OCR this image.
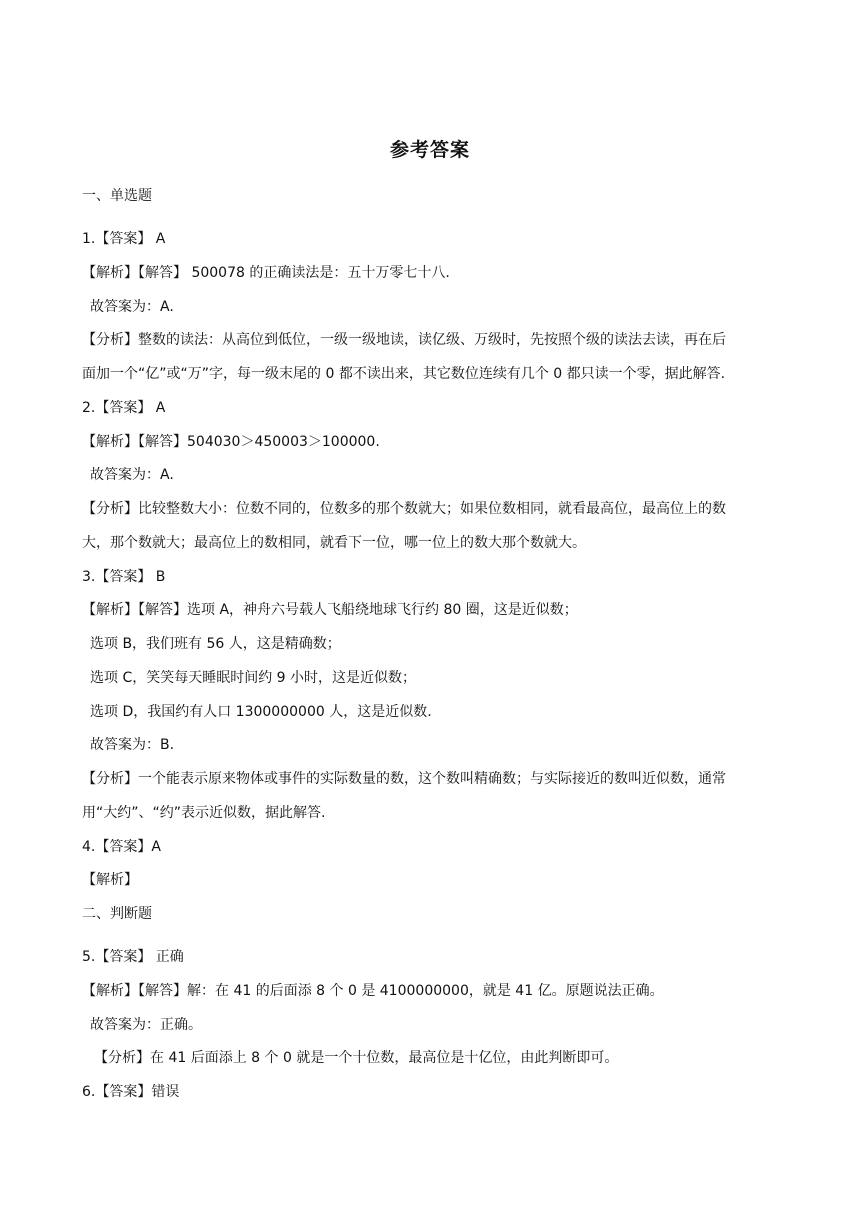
参考答案
一、单选题
1.【答案】 A
【解析】【解答】 500078 的正确读法是：五十万零七十八.
故答案为：A.
【分析】整数的读法：从高位到低位，一级一级地读，读亿级、万级时，先按照个级的读法去读，再在后
面加一个“亿”或“万”字，每一级末尾的 0 都不读出来，其它数位连续有几个 0 都只读一个零，据此解答.
2.【答案】 A
【解析】【解答】504030＞450003＞100000.
故答案为：A.
【分析】比较整数大小：位数不同的，位数多的那个数就大；如果位数相同，就看最高位，最高位上的数
大，那个数就大；最高位上的数相同，就看下一位，哪一位上的数大那个数就大。
3.【答案】 B
【解析】【解答】选项 A，神舟六号载人飞船绕地球飞行约 80 圈，这是近似数；
选项 B，我们班有 56 人，这是精确数；
选项 C，笑笑每天睡眠时间约 9 小时，这是近似数；
选项 D，我国约有人口 1300000000 人，这是近似数.
故答案为：B.
【分析】一个能表示原来物体或事件的实际数量的数，这个数叫精确数；与实际接近的数叫近似数，通常
用“大约”、“约”表示近似数，据此解答.
4.【答案】A
【解析】
二、判断题
5.【答案】 正确
【解析】【解答】解：在 41 的后面添 8 个 0 是 4100000000，就是 41 亿。原题说法正确。
故答案为：正确。
【分析】在 41 后面添上 8 个 0 就是一个十位数，最高位是十亿位，由此判断即可。
6.【答案】错误
